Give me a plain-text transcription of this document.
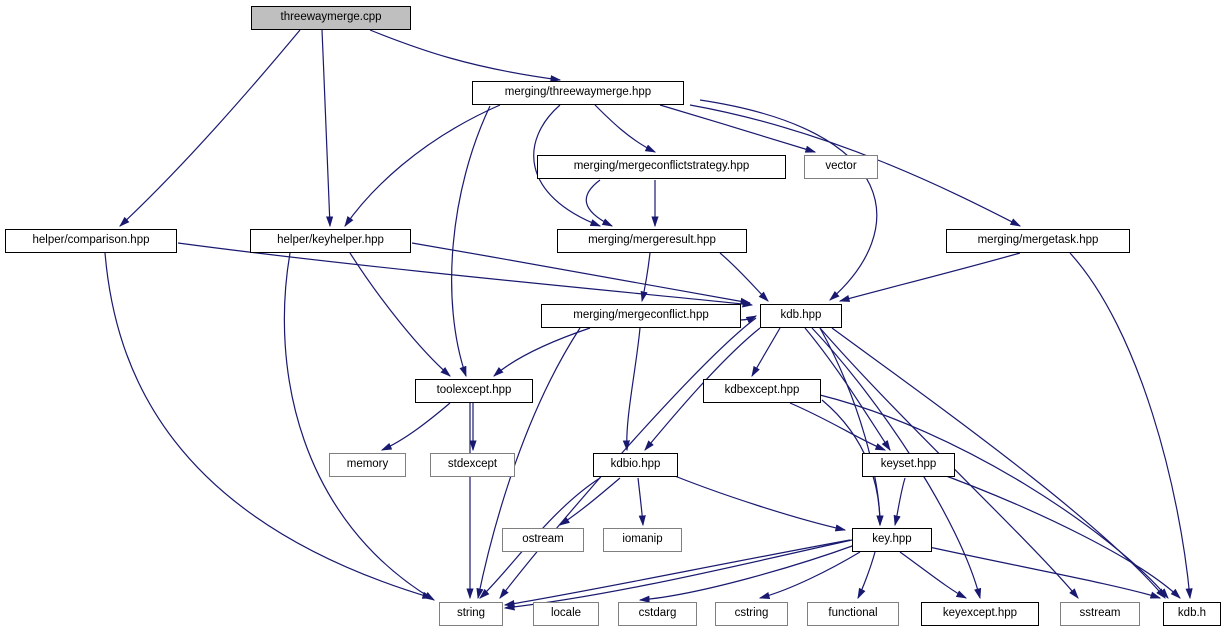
threewaymerge.cpp
merging/threewaymerge.hpp
merging/mergeconflictstrategy.hpp	vector
helper/comparison.hpp	helper/keyhelper.hpp	merging/mergeresult.hpp	merging/mergetask.hpp
merging/mergeconflict.hpp	kdb.hpp
toolexcept.hpp	kdbexcept.hpp
memory	stdexcept	kdbio.hpp	keyset.hpp
ostream	iomanip	key.hpp
string	locale	cstdarg	cstring	functional	keyexcept.hpp	sstream	kdb.h
